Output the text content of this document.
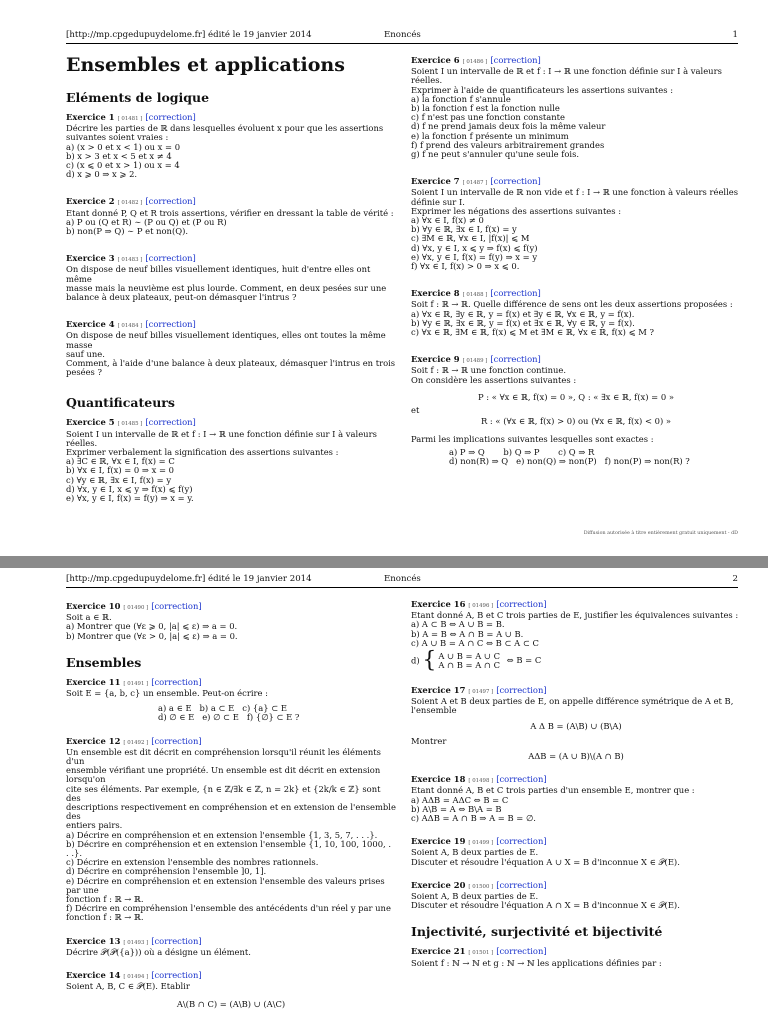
[http://mp.cpgedupuydelome.fr] édité le 19 janvier 2014	Enoncés	1
Ensembles et applications
Eléments de logique
Exercice 1 [ 01481 ] [correction]
Décrire les parties de ℝ dans lesquelles évoluent x pour que les assertions
suivantes soient vraies :
a) (x > 0 et x < 1) ou x = 0
b) x > 3 et x < 5 et x ≠ 4
c) (x ⩽ 0 et x > 1) ou x = 4
d) x ⩾ 0 ⇒ x ⩾ 2.
Exercice 2 [ 01482 ] [correction]
Etant donné P, Q et R trois assertions, vérifier en dressant la table de vérité :
a) P ou (Q et R) ∼ (P ou Q) et (P ou R)
b) non(P ⇒ Q) ∼ P et non(Q).
Exercice 3 [ 01483 ] [correction]
On dispose de neuf billes visuellement identiques, huit d'entre elles ont même
masse mais la neuvième est plus lourde. Comment, en deux pesées sur une
balance à deux plateaux, peut-on démasquer l'intrus ?
Exercice 4 [ 01484 ] [correction]
On dispose de neuf billes visuellement identiques, elles ont toutes la même masse
sauf une.
Comment, à l'aide d'une balance à deux plateaux, démasquer l'intrus en trois
pesées ?
Quantificateurs
Exercice 5 [ 01485 ] [correction]
Soient I un intervalle de ℝ et f : I → ℝ une fonction définie sur I à valeurs réelles.
Exprimer verbalement la signification des assertions suivantes :
a) ∃C ∈ ℝ, ∀x ∈ I, f(x) = C
b) ∀x ∈ I, f(x) = 0 ⇒ x = 0
c) ∀y ∈ ℝ, ∃x ∈ I, f(x) = y
d) ∀x, y ∈ I, x ⩽ y ⇒ f(x) ⩽ f(y)
e) ∀x, y ∈ I, f(x) = f(y) ⇒ x = y.
Exercice 6 [ 01486 ] [correction]
Soient I un intervalle de ℝ et f : I → ℝ une fonction définie sur I à valeurs réelles.
Exprimer à l'aide de quantificateurs les assertions suivantes :
a) la fonction f s'annule
b) la fonction f est la fonction nulle
c) f n'est pas une fonction constante
d) f ne prend jamais deux fois la même valeur
e) la fonction f présente un minimum
f) f prend des valeurs arbitrairement grandes
g) f ne peut s'annuler qu'une seule fois.
Exercice 7 [ 01487 ] [correction]
Soient I un intervalle de ℝ non vide et f : I → ℝ une fonction à valeurs réelles
définie sur I.
Exprimer les négations des assertions suivantes :
a) ∀x ∈ I, f(x) ≠ 0
b) ∀y ∈ ℝ, ∃x ∈ I, f(x) = y
c) ∃M ∈ ℝ, ∀x ∈ I, |f(x)| ⩽ M
d) ∀x, y ∈ I, x ⩽ y ⇒ f(x) ⩽ f(y)
e) ∀x, y ∈ I, f(x) = f(y) ⇒ x = y
f) ∀x ∈ I, f(x) > 0 ⇒ x ⩽ 0.
Exercice 8 [ 01488 ] [correction]
Soit f : ℝ → ℝ. Quelle différence de sens ont les deux assertions proposées :
a) ∀x ∈ ℝ, ∃y ∈ ℝ, y = f(x) et ∃y ∈ ℝ, ∀x ∈ ℝ, y = f(x).
b) ∀y ∈ ℝ, ∃x ∈ ℝ, y = f(x) et ∃x ∈ ℝ, ∀y ∈ ℝ, y = f(x).
c) ∀x ∈ ℝ, ∃M ∈ ℝ, f(x) ⩽ M et ∃M ∈ ℝ, ∀x ∈ ℝ, f(x) ⩽ M ?
Exercice 9 [ 01489 ] [correction]
Soit f : ℝ → ℝ une fonction continue.
On considère les assertions suivantes :
P : « ∀x ∈ ℝ, f(x) = 0 », Q : « ∃x ∈ ℝ, f(x) = 0 »
et
R : « (∀x ∈ ℝ, f(x) > 0) ou (∀x ∈ ℝ, f(x) < 0) »
Parmi les implications suivantes lesquelles sont exactes :
a) P ⇒ Q       b) Q ⇒ P       c) Q ⇒ R
d) non(R) ⇒ Q   e) non(Q) ⇒ non(P)   f) non(P) ⇒ non(R) ?
Diffusion autorisée à titre entièrement gratuit uniquement - dD
[http://mp.cpgedupuydelome.fr] édité le 19 janvier 2014	Enoncés	2
Exercice 10 [ 01490 ] [correction]
Soit a ∈ ℝ.
a) Montrer que (∀ε ⩾ 0, |a| ⩽ ε) ⇒ a = 0.
b) Montrer que (∀ε > 0, |a| ⩽ ε) ⇒ a = 0.
Ensembles
Exercice 11 [ 01491 ] [correction]
Soit E = {a, b, c} un ensemble. Peut-on écrire :
a) a ∈ E   b) a ⊂ E   c) {a} ⊂ E
d) ∅ ∈ E   e) ∅ ⊂ E   f) {∅} ⊂ E ?
Exercice 12 [ 01492 ] [correction]
Un ensemble est dit décrit en compréhension lorsqu'il réunit les éléments d'un
ensemble vérifiant une propriété. Un ensemble est dit décrit en extension lorsqu'on
cite ses éléments. Par exemple, {n ∈ ℤ/∃k ∈ ℤ, n = 2k} et {2k/k ∈ ℤ} sont des
descriptions respectivement en compréhension et en extension de l'ensemble des
entiers pairs.
a) Décrire en compréhension et en extension l'ensemble {1, 3, 5, 7, . . .}.
b) Décrire en compréhension et en extension l'ensemble {1, 10, 100, 1000, . . .}.
c) Décrire en extension l'ensemble des nombres rationnels.
d) Décrire en compréhension l'ensemble ]0, 1].
e) Décrire en compréhension et en extension l'ensemble des valeurs prises par une
fonction f : ℝ → ℝ.
f) Décrire en compréhension l'ensemble des antécédents d'un réel y par une
fonction f : ℝ → ℝ.
Exercice 13 [ 01493 ] [correction]
Décrire 𝒫(𝒫({a})) où a désigne un élément.
Exercice 14 [ 01494 ] [correction]
Soient A, B, C ∈ 𝒫(E). Etablir
A\(B ∩ C) = (A\B) ∪ (A\C)
Exercice 16 [ 01496 ] [correction]
Etant donné A, B et C trois parties de E, justifier les équivalences suivantes :
a) A ⊂ B ⇔ A ∪ B = B.
b) A = B ⇔ A ∩ B = A ∪ B.
c) A ∪ B = A ∩ C ⇔ B ⊂ A ⊂ C
d) { A ∪ B = A ∪ C
A ∩ B = A ∩ C ⇔ B = C
Exercice 17 [ 01497 ] [correction]
Soient A et B deux parties de E, on appelle différence symétrique de A et B,
l'ensemble
A Δ B = (A\B) ∪ (B\A)
Montrer
AΔB = (A ∪ B)\(A ∩ B)
Exercice 18 [ 01498 ] [correction]
Etant donné A, B et C trois parties d'un ensemble E, montrer que :
a) AΔB = AΔC ⇔ B = C
b) A\B = A ⇔ B\A = B
c) AΔB = A ∩ B ⇒ A = B = ∅.
Exercice 19 [ 01499 ] [correction]
Soient A, B deux parties de E.
Discuter et résoudre l'équation A ∪ X = B d'inconnue X ∈ 𝒫(E).
Exercice 20 [ 01500 ] [correction]
Soient A, B deux parties de E.
Discuter et résoudre l'équation A ∩ X = B d'inconnue X ∈ 𝒫(E).
Injectivité, surjectivité et bijectivité
Exercice 21 [ 01501 ] [correction]
Soient f : ℕ → ℕ et g : ℕ → ℕ les applications définies par :
